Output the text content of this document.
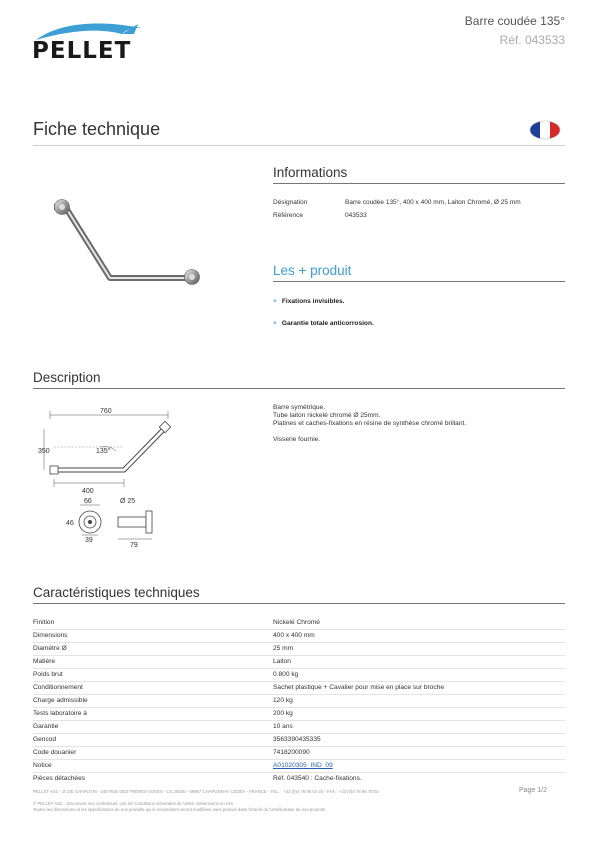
PELLET
Barre coudée 135°
Réf. 043533
Fiche technique
Informations
Désignation	Barre coudée 135°, 400 x 400 mm, Laiton Chromé, Ø 25 mm
Référence	043533
Les + produit
+ Fixations invisibles.
+ Garantie totale anticorrosion.
Description
Barre symétrique.
Tube laiton nickelé chromé Ø 25mm.
Platines et caches-fixations en résine de synthèse chromé brillant.
Visserie fournie.
760
350	135°
400
66
46
39
Ø 25
79
Caractéristiques techniques
Finition	Nickelé Chromé
Dimensions	400 x 400 mm
Diamètre Ø	25 mm
Matière	Laiton
Poids brut	0.800 kg
Conditionnement	Sachet plastique + Cavalier pour mise en place sur broche
Charge admissible	120 kg
Tests laboratoire à	200 kg
Garantie	10 ans
Gencod	3563390435335
Code douanier	7418200090
Notice	A01020305_IND_09
Pièces détachées	Réf. 043540 : Cache-fixations.
PELLET ASC - ZI DE CHAPOTIN - 240 RUE DES FRÈRES VOISIN - CS 20040 - 69967 CHAPONNAY CEDEX - FRANCE - TEL. : +33 (0)4 78 96 02 20 - FAX : +33 (0)4 78 96 70 02	Page 1/2
© PELLET ASC - Document non contractuel. Lire les Conditions Générales de Vente. Dimensions en mm.
Toutes les dimensions et les spécifications de nos produits qui le nécessitent seront modifiées sans préavis dans l'intérêt de l'amélioration de nos produits.
